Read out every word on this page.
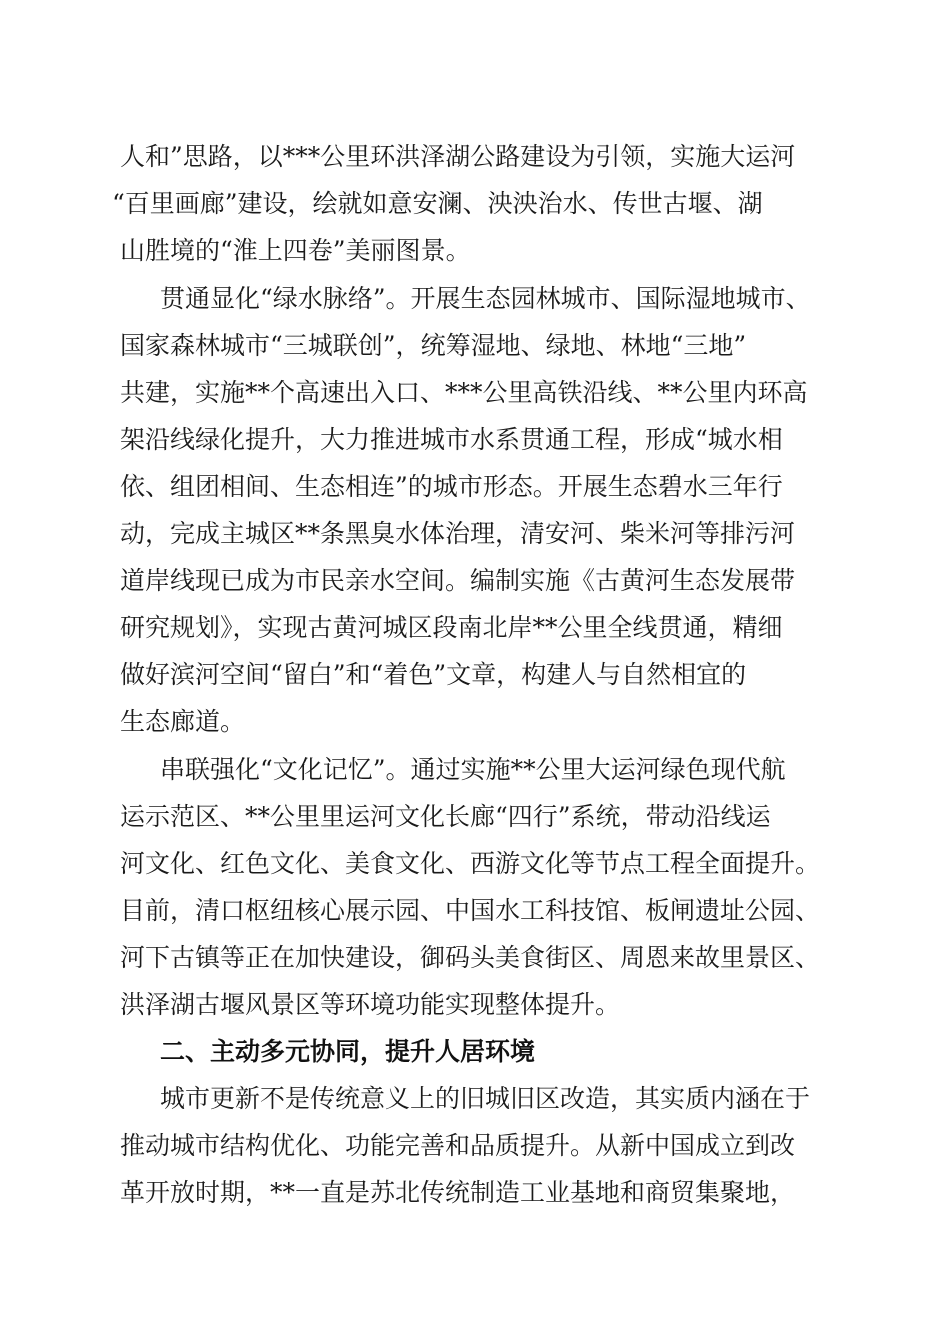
人和”思路，以***公里环洪泽湖公路建设为引领，实施大运河
“百里画廊”建设，绘就如意安澜、泱泱治水、传世古堰、湖
山胜境的“淮上四卷”美丽图景。
贯通显化“绿水脉络”。开展生态园林城市、国际湿地城市、
国家森林城市“三城联创”，统筹湿地、绿地、林地“三地”
共建，实施**个高速出入口、***公里高铁沿线、**公里内环高
架沿线绿化提升，大力推进城市水系贯通工程，形成“城水相
依、组团相间、生态相连”的城市形态。开展生态碧水三年行
动，完成主城区**条黑臭水体治理，清安河、柴米河等排污河
道岸线现已成为市民亲水空间。编制实施《古黄河生态发展带
研究规划》，实现古黄河城区段南北岸**公里全线贯通，精细
做好滨河空间“留白”和“着色”文章，构建人与自然相宜的
生态廊道。
串联强化“文化记忆”。通过实施**公里大运河绿色现代航
运示范区、**公里里运河文化长廊“四行”系统，带动沿线运
河文化、红色文化、美食文化、西游文化等节点工程全面提升。
目前，清口枢纽核心展示园、中国水工科技馆、板闸遗址公园、
河下古镇等正在加快建设，御码头美食街区、周恩来故里景区、
洪泽湖古堰风景区等环境功能实现整体提升。
二、主动多元协同，提升人居环境
城市更新不是传统意义上的旧城旧区改造，其实质内涵在于
推动城市结构优化、功能完善和品质提升。从新中国成立到改
革开放时期，**一直是苏北传统制造工业基地和商贸集聚地，
